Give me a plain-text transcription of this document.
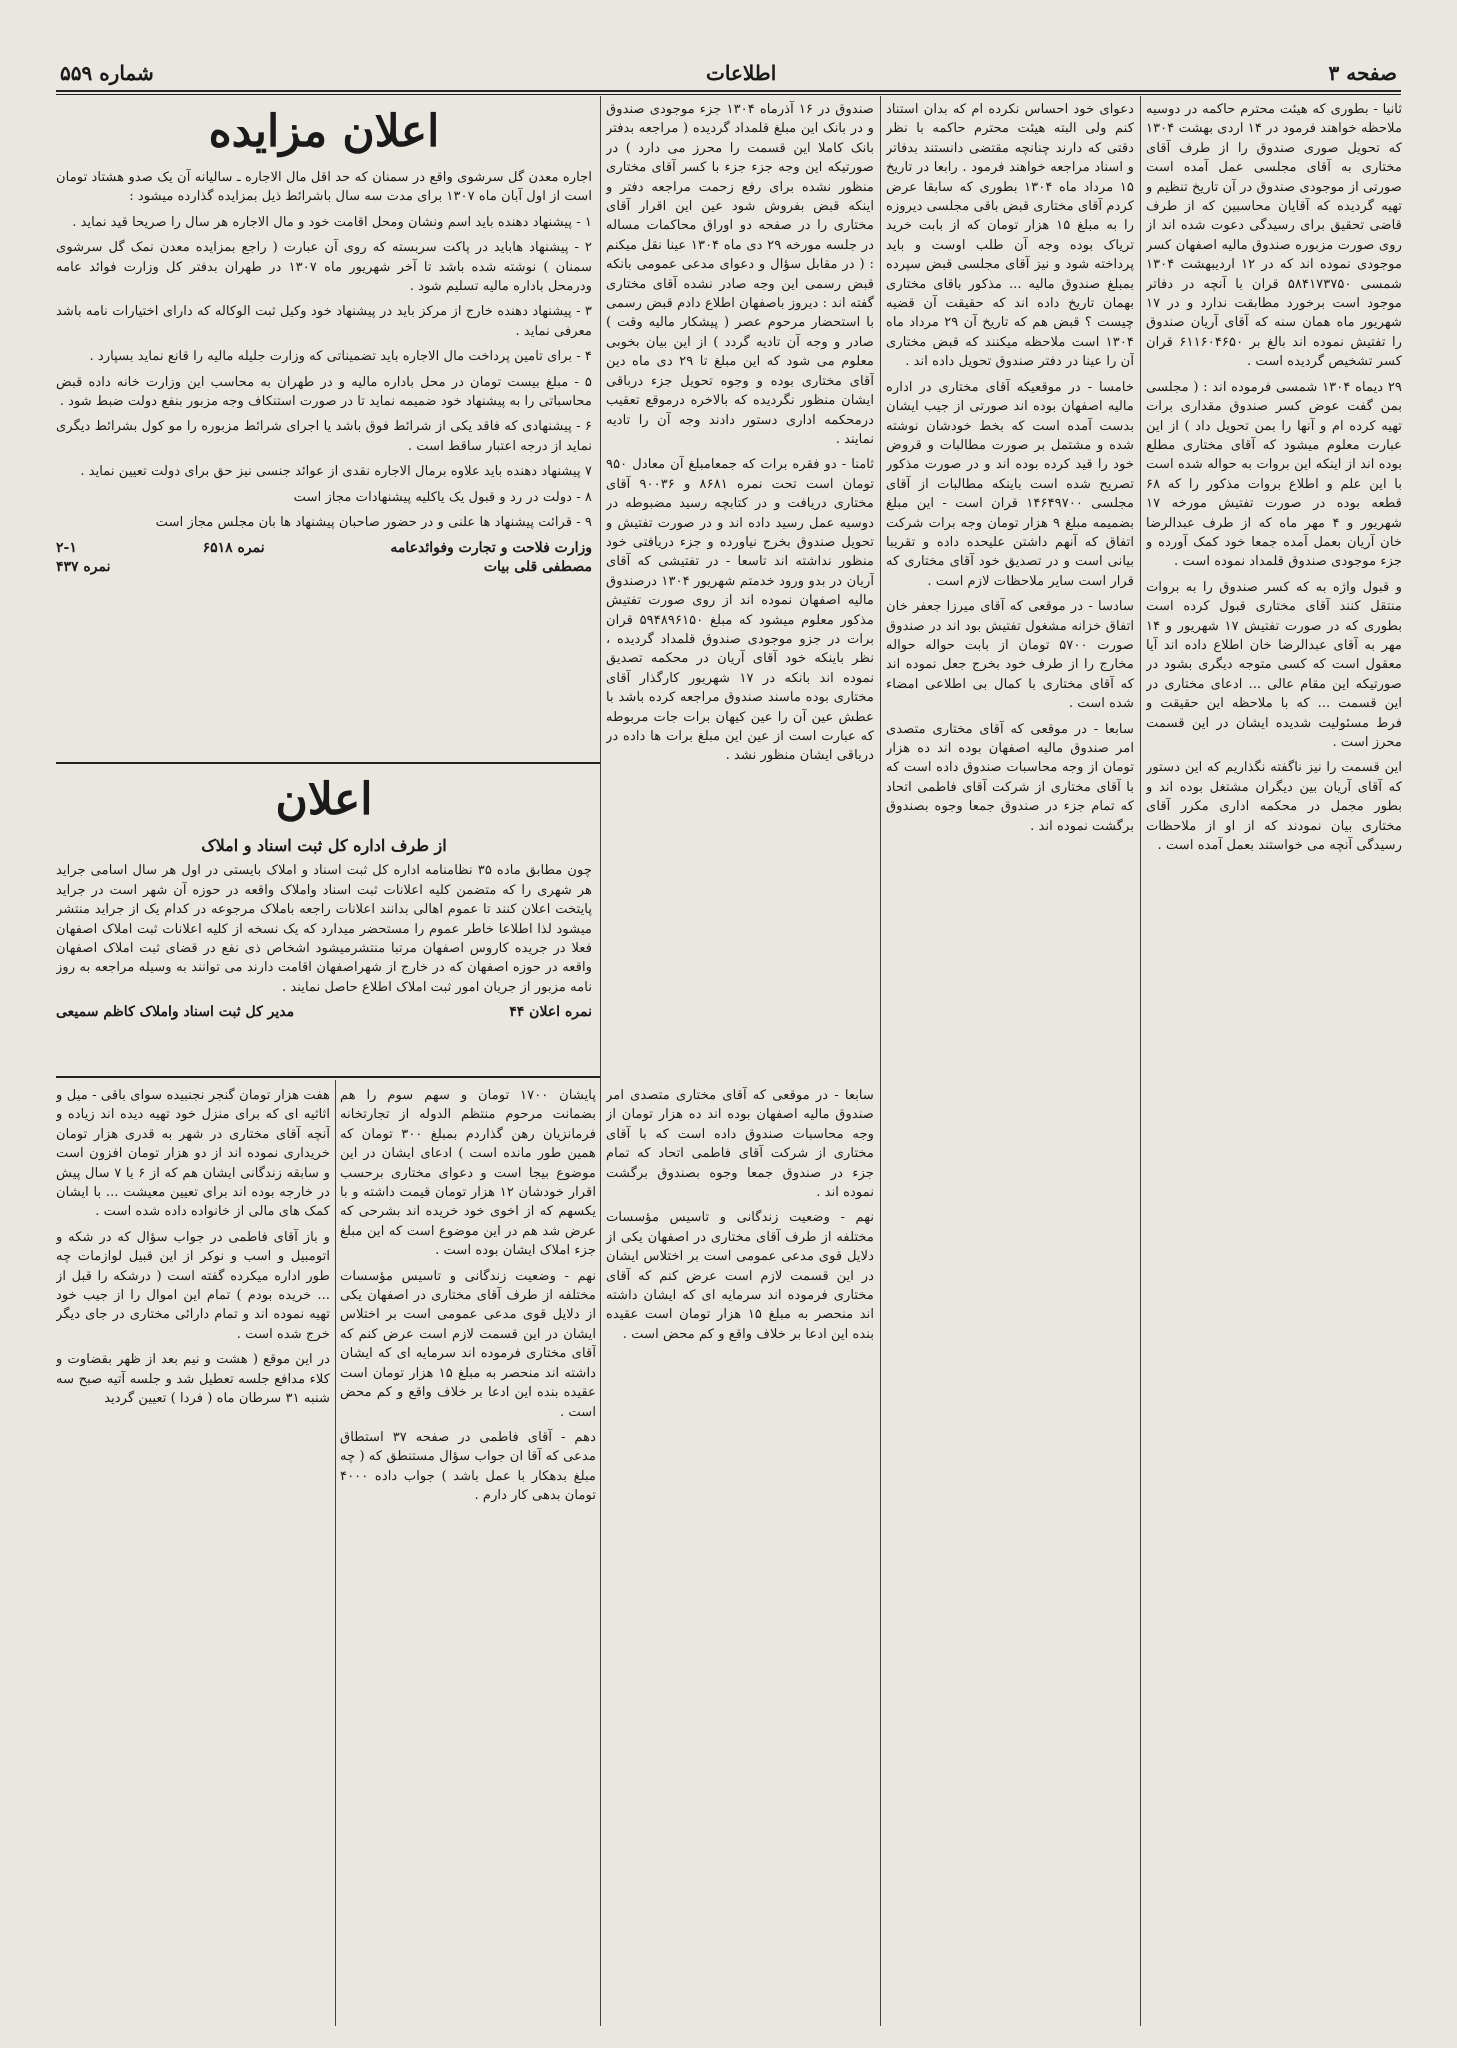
صفحه ۳
اطلاعات
شماره ۵۵۹

ثانیا - بطوری که هیئت محترم حاکمه در دوسیه ملاحظه خواهند فرمود در ۱۴ اردی بهشت ۱۳۰۴ که تحویل صوری صندوق را از طرف آقای مختاری به آقای مجلسی عمل آمده است صورتی از موجودی صندوق در آن تاریخ تنظیم و تهیه گردیده که آقایان محاسبین که از طرف قاضی تحقیق برای رسیدگی دعوت شده اند از روی صورت مزبوره صندوق مالیه اصفهان کسر موجودی نموده اند که در ۱۲ اردیبهشت ۱۳۰۴ شمسی ۵۸۴۱۷۳۷۵۰ قران با آنچه در دفاتر موجود است برخورد مطابقت ندارد و در ۱۷ شهریور ماه همان سنه که آقای آریان صندوق را تفتیش نموده اند بالغ بر ۶۱۱۶۰۴۶۵۰ قران کسر تشخیص گردیده است .

۲۹ دیماه ۱۳۰۴ شمسی فرموده اند : ( مجلسی بمن گفت عوض کسر صندوق مقداری برات تهیه کرده ام و آنها را بمن تحویل داد ) از این عبارت معلوم میشود که آقای مختاری مطلع بوده اند از اینکه این بروات به حواله شده است با این علم و اطلاع بروات مذکور را که ۶۸ قطعه بوده در صورت تفتیش مورخه ۱۷ شهریور و ۴ مهر ماه که از طرف عبدالرضا خان آریان بعمل آمده جمعا خود کمک آورده و جزء موجودی صندوق قلمداد نموده است .

و قبول واژه به که کسر صندوق را به بروات منتقل کنند آقای مختاری قبول کرده است بطوری که در صورت تفتیش ۱۷ شهریور و ۱۴ مهر به آقای عبدالرضا خان اطلاع داده اند آیا معقول است که کسی متوجه دیگری بشود در صورتیکه این مقام عالی ... ادعای مختاری در این قسمت ... که با ملاحظه این حقیقت و فرط مسئولیت شدیده ایشان در این قسمت محرز است .

این قسمت را نیز ناگفته نگذاریم که این دستور که آقای آریان بین دیگران مشتغل بوده اند و بطور مجمل در محکمه اداری مکرر آقای مختاری بیان نمودند که از او از ملاحظات رسیدگی آنچه می خواستند بعمل آمده است .

دعوای خود احساس نکرده ام که بدان استناد کنم ولی البته هیئت محترم حاکمه با نظر دقتی که دارند چنانچه مقتضی دانستند بدفاتر و اسناد مراجعه خواهند فرمود . رابعا در تاریخ ۱۵ مرداد ماه ۱۳۰۴ بطوری که سابقا عرض کردم آقای مختاری قبض باقی مجلسی دیروزه را به مبلغ ۱۵ هزار تومان که از بابت خرید تریاک بوده وجه آن طلب اوست و باید پرداخته شود و نیز آقای مجلسی قبض سپرده بمبلغ صندوق مالیه ... مذکور باقای مختاری بهمان تاریخ داده اند که حقیقت آن قضیه چیست ؟ قبض هم که تاریخ آن ۲۹ مرداد ماه ۱۳۰۴ است ملاحظه میکنند که قبض مختاری آن را عینا در دفتر صندوق تحویل داده اند .

خامسا - در موقعیکه آقای مختاری در اداره مالیه اصفهان بوده اند صورتی از جیب ایشان بدست آمده است که بخط خودشان نوشته شده و مشتمل بر صورت مطالبات و قروض خود را قید کرده بوده اند و در صورت مذکور تصریح شده است باینکه مطالبات از آقای مجلسی ۱۴۶۴۹۷۰۰ قران است - این مبلغ بضمیمه مبلغ ۹ هزار تومان وجه برات شرکت اتفاق که آنهم داشتن علیحده داده و تقریبا بیانی است و در تصدیق خود آقای مختاری که قرار است سایر ملاحظات لازم است .

سادسا - در موقعی که آقای میرزا جعفر خان اتفاق خزانه مشغول تفتیش بود اند در صندوق صورت ۵۷۰۰ تومان از بابت حواله حواله مخارج را از طرف خود بخرج جعل نموده اند که آقای مختاری با کمال بی اطلاعی امضاء شده است .

سابعا - در موقعی که آقای مختاری متصدی امر صندوق مالیه اصفهان بوده اند ده هزار تومان از وجه محاسبات صندوق داده است که با آقای مختاری از شرکت آقای فاطمی اتحاد که تمام جزء در صندوق جمعا وجوه بصندوق برگشت نموده اند .

صندوق در ۱۶ آذرماه ۱۳۰۴ جزء موجودی صندوق و در بانک این مبلغ قلمداد گردیده ( مراجعه بدفتر بانک کاملا این قسمت را محرز می دارد ) در صورتیکه این وجه جزء جزء با کسر آقای مختاری منظور نشده برای رفع زحمت مراجعه دفتر و اینکه قبض بفروش شود عین این اقرار آقای مختاری را در صفحه دو اوراق محاکمات مساله در جلسه مورخه ۲۹ دی ماه ۱۳۰۴ عینا نقل میکنم : ( در مقابل سؤال و دعوای مدعی عمومی بانکه قبض رسمی این وجه صادر نشده آقای مختاری گفته اند : دیروز باصفهان اطلاع دادم قبض رسمی با استحضار مرحوم عصر ( پیشکار مالیه وقت ) صادر و وجه آن تادیه گردد ) از این بیان بخوبی معلوم می شود که این مبلغ تا ۲۹ دی ماه دین آقای مختاری بوده و وجوه تحویل جزء درباقی ایشان منظور نگردیده که بالاخره درموقع تعقیب درمحکمه اداری دستور دادند وجه آن را تادیه نمایند .

ثامنا - دو فقره برات که جمعامبلغ آن معادل ۹۵۰ تومان است تحت نمره ۸۶۸۱ و ۹۰۰۳۶ آقای مختاری دریافت و در کتابچه رسید مضبوطه در دوسیه عمل رسید داده اند و در صورت تفتیش و تحویل صندوق بخرج نیاورده و جزء دریافتی خود منظور نداشته اند تاسعا - در تفتیشی که آقای آریان در بدو ورود خدمتم شهریور ۱۳۰۴ درصندوق مالیه اصفهان نموده اند از روی صورت تفتیش مذکور معلوم میشود که مبلغ ۵۹۴۸۹۶۱۵۰ قران برات در جزو موجودی صندوق قلمداد گردیده ، نظر باینکه خود آقای آریان در محکمه تصدیق نموده اند بانکه در ۱۷ شهریور کارگذار آقای مختاری بوده ماسند صندوق مراجعه کرده باشد با عطش عین آن را عین کیهان برات جات مربوطه که عبارت است از عین این مبلغ برات ها داده در درباقی ایشان منظور نشد .

پایشان ۱۷۰۰ تومان و سهم سوم را هم بضمانت مرحوم منتظم الدوله از تجارتخانه فرمانزیان رهن گذاردم بمبلغ ۳۰۰ تومان که همین طور مانده است ) ادعای ایشان در این موضوع بیجا است و دعوای مختاری برحسب اقرار خودشان ۱۲ هزار تومان قیمت داشته و با یکسهم که از اخوی خود خریده اند بشرحی که عرض شد هم در این موضوع است که این مبلغ جزء املاک ایشان بوده است .

نهم - وضعیت زندگانی و تاسیس مؤسسات مختلفه از طرف آقای مختاری در اصفهان یکی از دلایل قوی مدعی عمومی است بر اختلاس ایشان در این قسمت لازم است عرض کنم که آقای مختاری فرموده اند سرمایه ای که ایشان داشته اند منحصر به مبلغ ۱۵ هزار تومان است عقیده بنده این ادعا بر خلاف واقع و کم محض است .

دهم - آقای فاطمی در صفحه ۳۷ استطاق مدعی که آقا ان جواب سؤال مستنطق که ( چه مبلغ بدهکار با عمل باشد ) جواب داده ۴۰۰۰ تومان بدهی کار دارم .

سابعا - در موقعی که آقای مختاری متصدی امر صندوق مالیه اصفهان بوده اند ده هزار تومان از وجه محاسبات صندوق داده است که با آقای مختاری از شرکت آقای فاطمی اتحاد که تمام جزء در صندوق جمعا وجوه بصندوق برگشت نموده اند .

نهم - وضعیت زندگانی و تاسیس مؤسسات مختلفه از طرف آقای مختاری در اصفهان یکی از دلایل قوی مدعی عمومی است بر اختلاس ایشان در این قسمت لازم است عرض کنم که آقای مختاری فرموده اند سرمایه ای که ایشان داشته اند منحصر به مبلغ ۱۵ هزار تومان است عقیده بنده این ادعا بر خلاف واقع و کم محض است .

اعلان مزایده

اجاره معدن گل سرشوی واقع در سمنان که حد اقل مال الاجاره ـ سالیانه آن یک صدو هشتاد تومان است از اول آبان ماه ۱۳۰۷ برای مدت سه سال باشرائط ذیل بمزایده گذارده میشود :

۱ - پیشنهاد دهنده باید اسم ونشان ومحل اقامت خود و مال الاجاره هر سال را صریحا قید نماید .
۲ - پیشنهاد هاباید در پاکت سربسته که روی آن عبارت ( راجع بمزایده معدن نمک گل سرشوی سمنان ) نوشته شده باشد تا آخر شهریور ماه ۱۳۰۷ در طهران بدفتر کل وزارت فوائد عامه ودرمحل باداره مالیه تسلیم شود .
۳ - پیشنهاد دهنده خارج از مرکز باید در پیشنهاد خود وکیل ثبت الوکاله که دارای اختیارات نامه باشد معرفی نماید .
۴ - برای تامین پرداخت مال الاجاره باید تضمیناتی که وزارت جلیله مالیه را قانع نماید بسپارد .
۵ - مبلغ بیست تومان در محل باداره مالیه و در طهران به محاسب این وزارت خانه داده قبض محاسباتی را به پیشنهاد خود ضمیمه نماید تا در صورت استنکاف وجه مزبور بنفع دولت ضبط شود .
۶ - پیشنهادی که فاقد یکی از شرائط فوق باشد یا اجرای شرائط مزبوره را مو کول بشرائط دیگری نماید از درجه اعتبار ساقط است .
۷ پیشنهاد دهنده باید علاوه برمال الاجاره نقدی از عوائد جنسی نیز حق برای دولت تعیین نماید .
۸ - دولت در رد و قبول یک یاکلیه پیشنهادات مجاز است
۹ - قرائت پیشنهاد ها علنی و در حضور صاحبان پیشنهاد ها بان مجلس مجاز است
وزارت فلاحت و تجارت وفوائدعامه
نمره ۶۵۱۸
۲-۱
مصطفی قلی بیات
نمره ۴۳۷
اعلان
از طرف اداره کل ثبت اسناد و املاک

چون مطابق ماده ۳۵ نظامنامه اداره کل ثبت اسناد و املاک بایستی در اول هر سال اسامی جراید هر شهری را که متضمن کلیه اعلانات ثبت اسناد واملاک واقعه در حوزه آن شهر است در جراید پایتخت اعلان کنند تا عموم اهالی بدانند اعلانات راجعه باملاک مرجوعه در کدام یک از جراید منتشر میشود لذا اطلاعا خاطر عموم را مستحضر میدارد که یک نسخه از کلیه اعلانات ثبت املاک اصفهان فعلا در جریده کاروس اصفهان مرتبا منتشرمیشود اشخاص ذی نفع در قضای ثبت املاک اصفهان واقعه در حوزه اصفهان که در خارج از شهراصفهان اقامت دارند می توانند به وسیله مراجعه به روز نامه مزبور از جریان امور ثبت املاک اطلاع حاصل نمایند .

نمره اعلان ۴۴
مدیر کل ثبت اسناد واملاک کاظم سمیعی

هفت هزار تومان گنجر نجنبیده سوای باقی - میل و اثاثیه ای که برای منزل خود تهیه دیده اند زیاده و آنچه آقای مختاری در شهر به قدری هزار تومان خریداری نموده اند از دو هزار تومان افزون است و سابقه زندگانی ایشان هم که از ۶ یا ۷ سال پیش در خارجه بوده اند برای تعیین معیشت ... با ایشان کمک های مالی از خانواده داده شده است .

و باز آقای فاطمی در جواب سؤال که در شکه و اتومبیل و اسب و نوکر از این قبیل لوازمات چه طور اداره میکرده گفته است ( درشکه را قبل از ... خریده بودم ) تمام این اموال را از جیب خود تهیه نموده اند و تمام دارائی مختاری در جای دیگر خرج شده است .

در این موقع ( هشت و نیم بعد از ظهر بقضاوت و کلاء مدافع جلسه تعطیل شد و جلسه آتیه صبح سه شنبه ۳۱ سرطان ماه ( فردا ) تعیین گردید
